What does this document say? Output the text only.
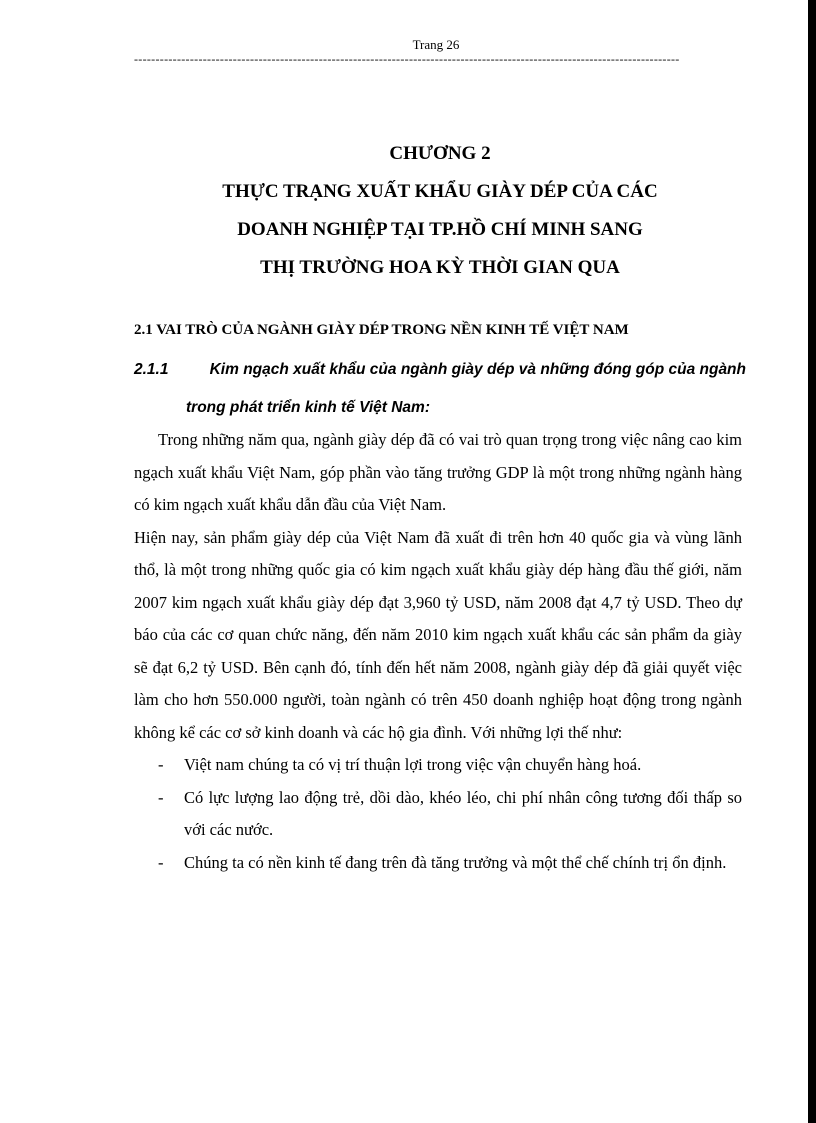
Trang 26
-------------------------------------------------------------------------------------------------------------------------------
CHƯƠNG 2
THỰC TRẠNG XUẤT KHẨU GIÀY DÉP CỦA CÁC
DOANH NGHIỆP TẠI TP.HỒ CHÍ MINH SANG
THỊ TRƯỜNG HOA KỲ THỜI GIAN QUA
2.1 VAI TRÒ CỦA NGÀNH GIÀY DÉP TRONG NỀN KINH TẾ VIỆT NAM
2.1.1	Kim ngạch xuất khẩu của ngành giày dép và những đóng góp của ngành
trong phát triển kinh tế Việt Nam:

Trong những năm qua, ngành giày dép đã có vai trò quan trọng trong việc nâng cao kim ngạch xuất khẩu Việt Nam, góp phần vào tăng trưởng GDP là một trong những ngành hàng có kim ngạch xuất khẩu dẫn đầu của Việt Nam.

Hiện nay, sản phẩm giày dép của Việt Nam đã xuất đi trên hơn 40 quốc gia và vùng lãnh thổ, là một trong những quốc gia có kim ngạch xuất khẩu giày dép hàng đầu thế giới, năm 2007 kim ngạch xuất khẩu giày dép đạt 3,960 tỷ USD, năm 2008 đạt 4,7 tỷ USD. Theo dự báo của các cơ quan chức năng, đến năm 2010 kim ngạch xuất khẩu các sản phẩm da giày sẽ đạt 6,2 tỷ USD. Bên cạnh đó, tính đến hết năm 2008, ngành giày dép đã giải quyết việc làm cho hơn 550.000 người, toàn ngành có trên 450 doanh nghiệp hoạt động trong ngành không kể các cơ sở kinh doanh và các hộ gia đình. Với những lợi thế như:

- Việt nam chúng ta có vị trí thuận lợi trong việc vận chuyển hàng hoá.
- Có lực lượng lao động trẻ, dồi dào, khéo léo, chi phí nhân công tương đối thấp so với các nước.
- Chúng ta có nền kinh tế đang trên đà tăng trưởng và một thể chế chính trị ổn định.
